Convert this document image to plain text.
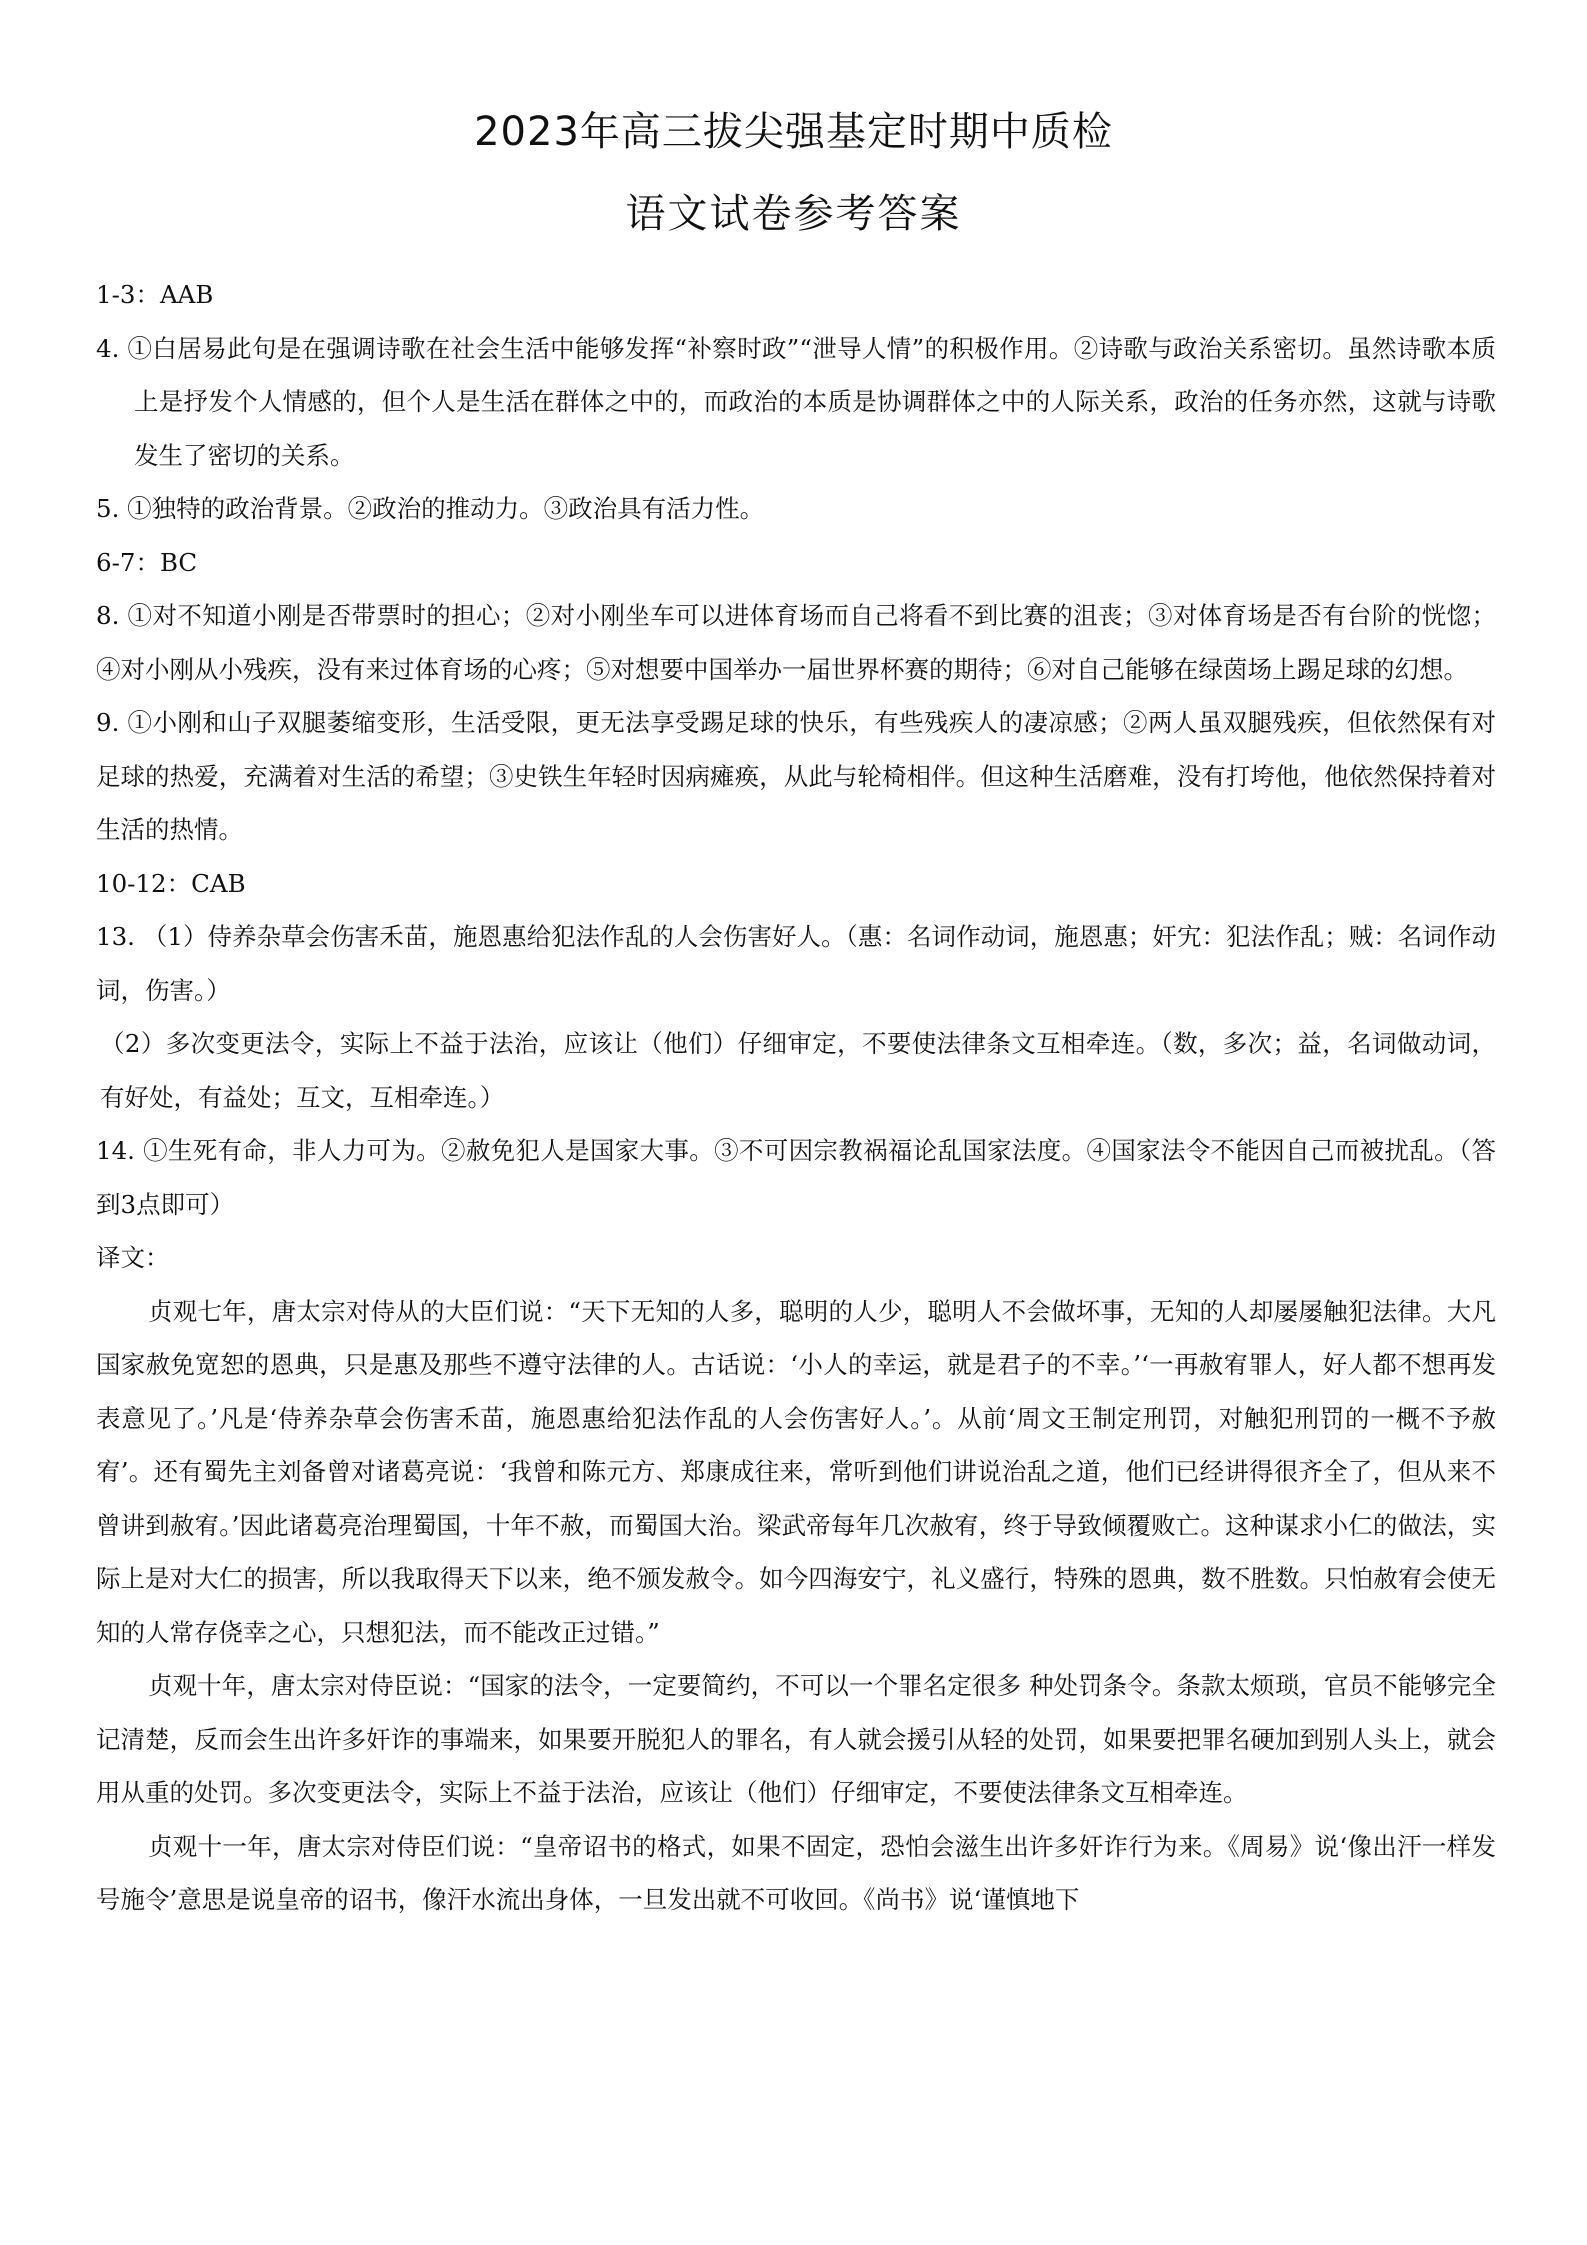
2023年高三拔尖强基定时期中质检
语文试卷参考答案

1-3：AAB

4. ①白居易此句是在强调诗歌在社会生活中能够发挥“补察时政”“泄导人情”的积极作用。②诗歌与政治关系密切。虽然诗歌本质上是抒发个人情感的，但个人是生活在群体之中的，而政治的本质是协调群体之中的人际关系，政治的任务亦然，这就与诗歌发生了密切的关系。

5. ①独特的政治背景。②政治的推动力。③政治具有活力性。

6-7：BC

8. ①对不知道小刚是否带票时的担心；②对小刚坐车可以进体育场而自己将看不到比赛的沮丧；③对体育场是否有台阶的恍惚；④对小刚从小残疾，没有来过体育场的心疼；⑤对想要中国举办一届世界杯赛的期待；⑥对自己能够在绿茵场上踢足球的幻想。

9. ①小刚和山子双腿萎缩变形，生活受限，更无法享受踢足球的快乐，有些残疾人的凄凉感；②两人虽双腿残疾，但依然保有对足球的热爱，充满着对生活的希望；③史铁生年轻时因病瘫痪，从此与轮椅相伴。但这种生活磨难，没有打垮他，他依然保持着对生活的热情。

10-12：CAB

13. （1）侍养杂草会伤害禾苗，施恩惠给犯法作乱的人会伤害好人。（惠：名词作动词，施恩惠；奸宄：犯法作乱；贼：名词作动词，伤害。）

（2）多次变更法令，实际上不益于法治，应该让（他们）仔细审定，不要使法律条文互相牵连。（数，多次；益，名词做动词，有好处，有益处；互文，互相牵连。）

14. ①生死有命，非人力可为。②赦免犯人是国家大事。③不可因宗教祸福论乱国家法度。④国家法令不能因自己而被扰乱。（答到3点即可）

译文：

贞观七年，唐太宗对侍从的大臣们说：“天下无知的人多，聪明的人少，聪明人不会做坏事，无知的人却屡屡触犯法律。大凡国家赦免宽恕的恩典，只是惠及那些不遵守法律的人。古话说：‘小人的幸运，就是君子的不幸。’‘一再赦宥罪人，好人都不想再发表意见了。’凡是‘侍养杂草会伤害禾苗，施恩惠给犯法作乱的人会伤害好人。’。从前‘周文王制定刑罚，对触犯刑罚的一概不予赦宥’。还有蜀先主刘备曾对诸葛亮说：‘我曾和陈元方、郑康成往来，常听到他们讲说治乱之道，他们已经讲得很齐全了，但从来不曾讲到赦宥。’因此诸葛亮治理蜀国，十年不赦，而蜀国大治。梁武帝每年几次赦宥，终于导致倾覆败亡。这种谋求小仁的做法，实际上是对大仁的损害，所以我取得天下以来，绝不颁发赦令。如今四海安宁，礼义盛行，特殊的恩典，数不胜数。只怕赦宥会使无知的人常存侥幸之心，只想犯法，而不能改正过错。”

贞观十年，唐太宗对侍臣说：“国家的法令，一定要简约，不可以一个罪名定很多 种处罚条令。条款太烦琐，官员不能够完全记清楚，反而会生出许多奸诈的事端来，如果要开脱犯人的罪名，有人就会援引从轻的处罚，如果要把罪名硬加到别人头上，就会用从重的处罚。多次变更法令，实际上不益于法治，应该让（他们）仔细审定，不要使法律条文互相牵连。

贞观十一年，唐太宗对侍臣们说：“皇帝诏书的格式，如果不固定，恐怕会滋生出许多奸诈行为来。《周易》说‘像出汗一样发号施令’意思是说皇帝的诏书，像汗水流出身体，一旦发出就不可收回。《尚书》说‘谨慎地下
